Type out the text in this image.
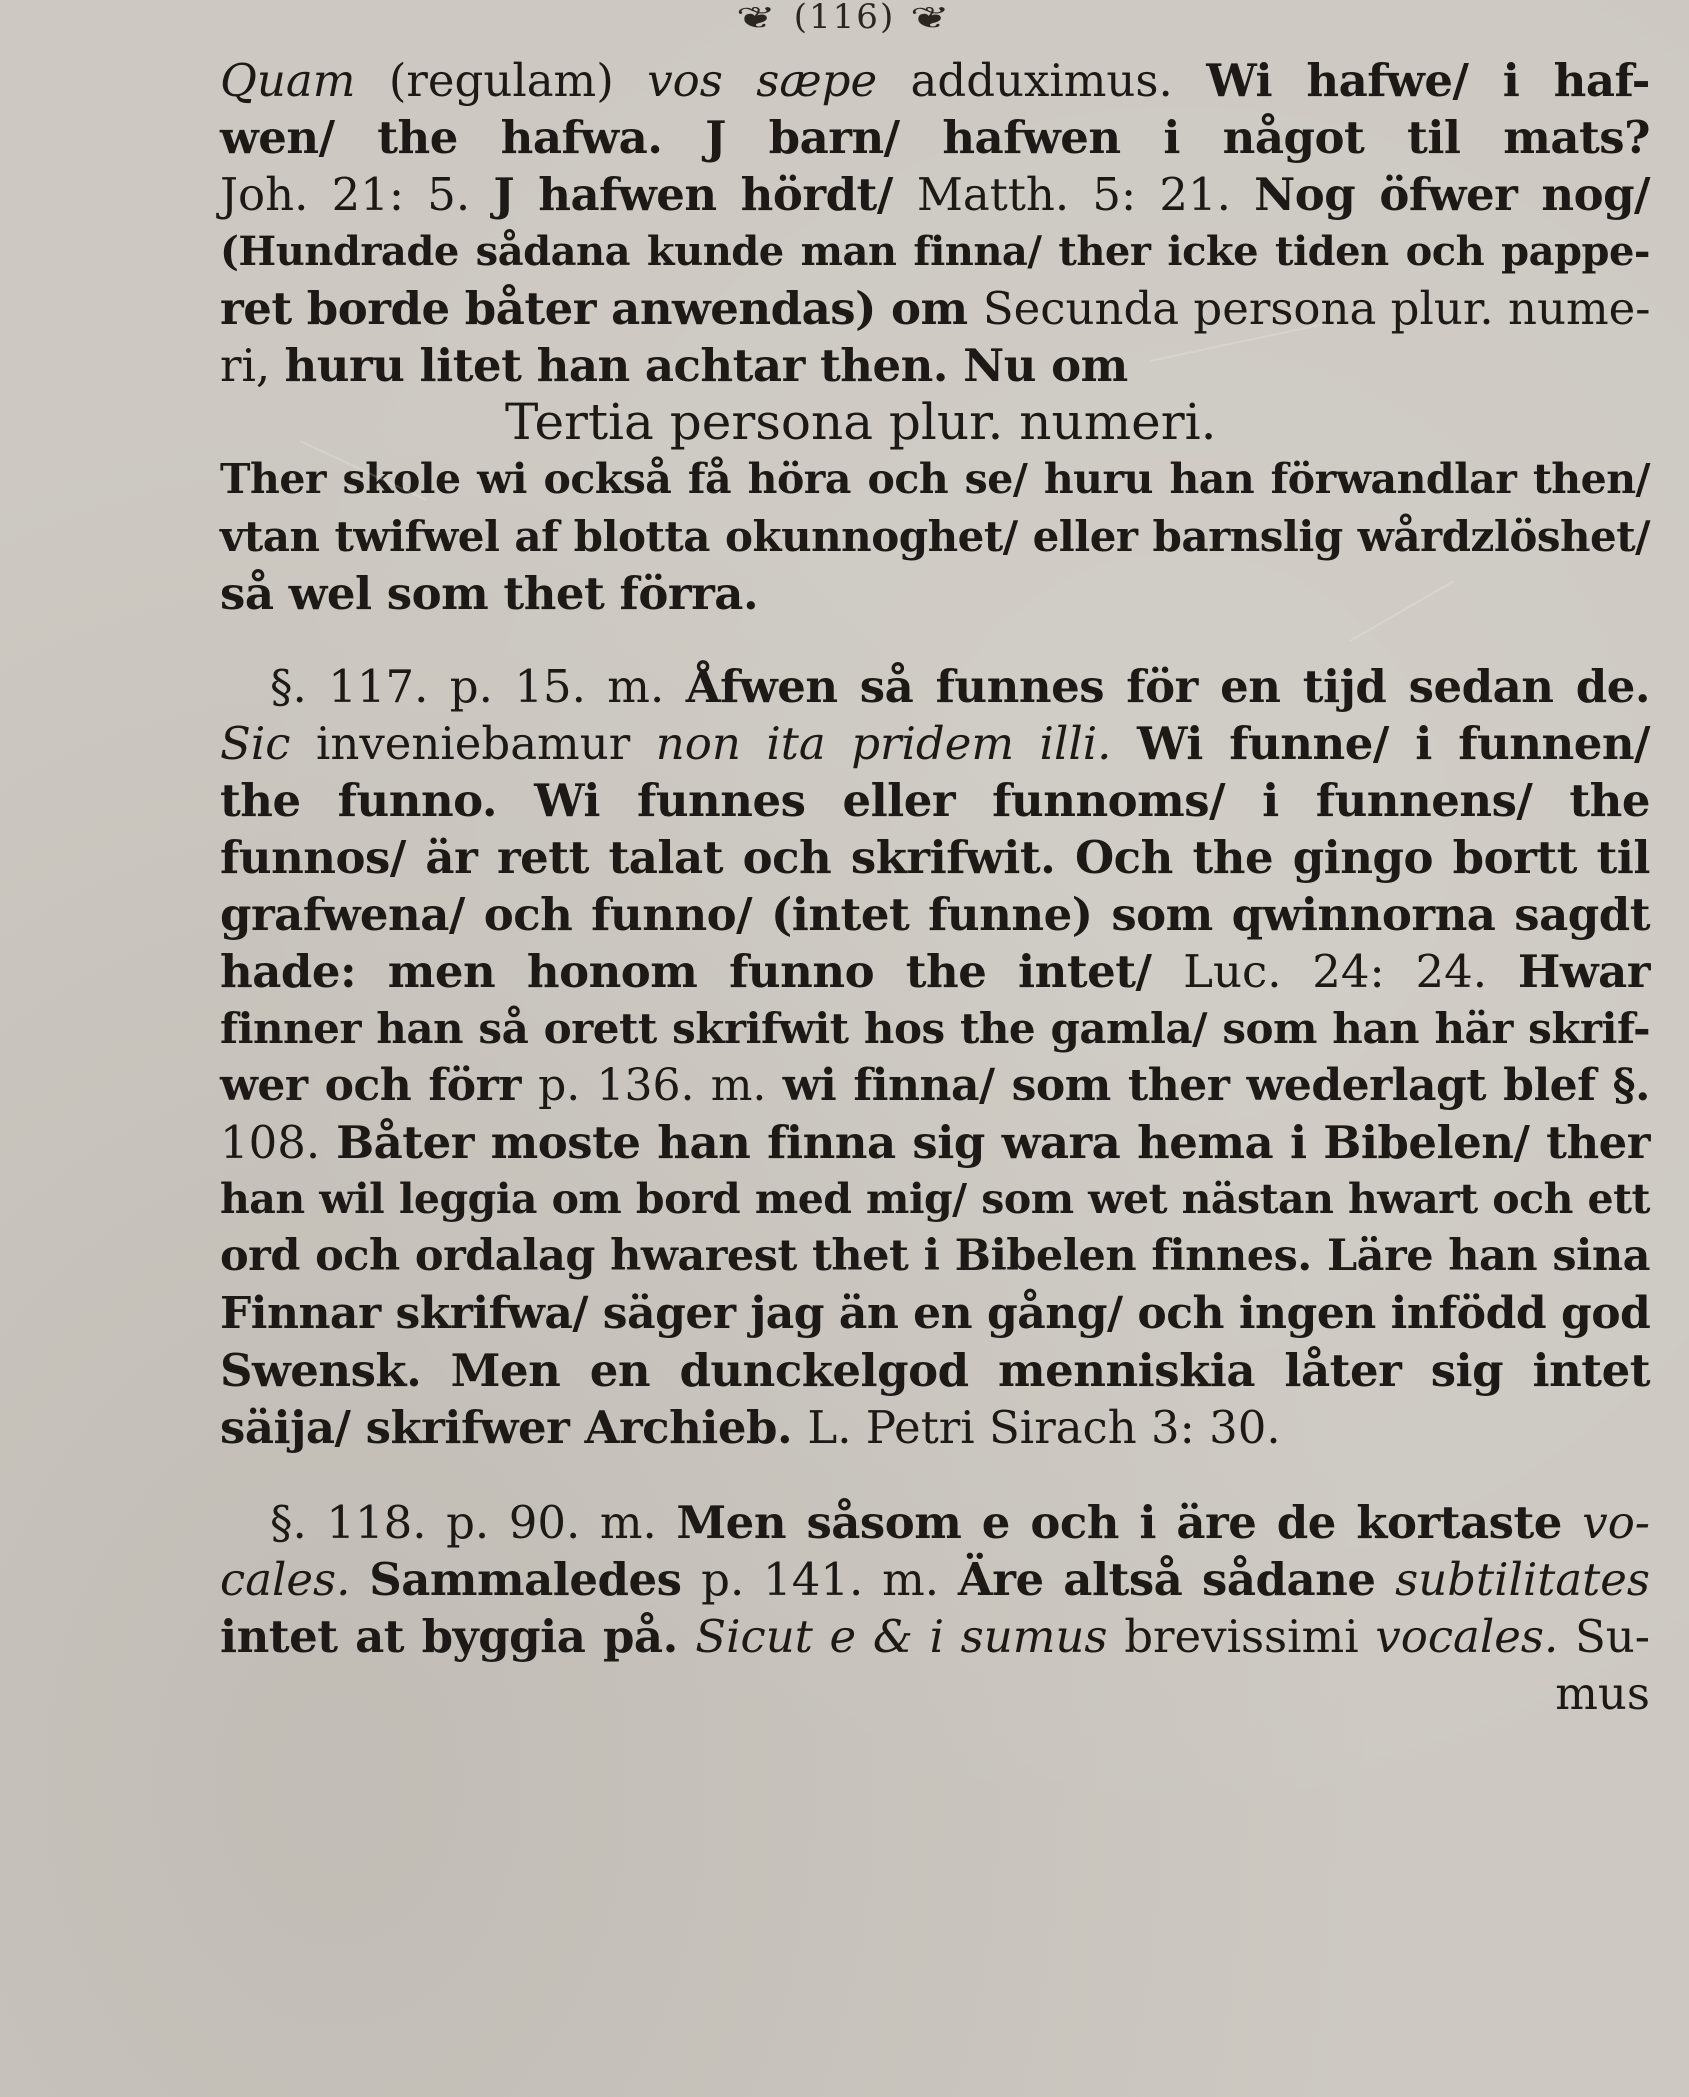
❦ (116) ❦
Quam (regulam) vos sæpe adduximus. Wi hafwe/ i haf-
wen/ the hafwa. J barn/ hafwen i något til mats?
Joh. 21: 5. J hafwen hördt/ Matth. 5: 21. Nog öfwer nog/
(Hundrade sådana kunde man finna/ ther icke tiden och pappe-
ret borde båter anwendas) om Secunda persona plur. nume-
ri, huru litet han achtar then. Nu om
Tertia persona plur. numeri.
Ther skole wi också få höra och se/ huru han förwandlar then/
vtan twifwel af blotta okunnoghet/ eller barnslig wårdzlöshet/
så wel som thet förra.
§. 117. p. 15. m. Åfwen så funnes för en tijd sedan de.
Sic inveniebamur non ita pridem illi. Wi funne/ i funnen/
the funno. Wi funnes eller funnoms/ i funnens/ the
funnos/ är rett talat och skrifwit. Och the gingo bortt til
grafwena/ och funno/ (intet funne) som qwinnorna sagdt
hade: men honom funno the intet/ Luc. 24: 24. Hwar
finner han så orett skrifwit hos the gamla/ som han här skrif-
wer och förr p. 136. m. wi finna/ som ther wederlagt blef §.
108. Båter moste han finna sig wara hema i Bibelen/ ther
han wil leggia om bord med mig/ som wet nästan hwart och ett
ord och ordalag hwarest thet i Bibelen finnes. Läre han sina
Finnar skrifwa/ säger jag än en gång/ och ingen infödd god
Swensk. Men en dunckelgod menniskia låter sig intet
säija/ skrifwer Archieb. L. Petri Sirach 3: 30.
§. 118. p. 90. m. Men såsom e och i äre de kortaste vo-
cales. Sammaledes p. 141. m. Äre altså sådane subtilitates
intet at byggia på. Sicut e & i sumus brevissimi vocales. Su-
mus
